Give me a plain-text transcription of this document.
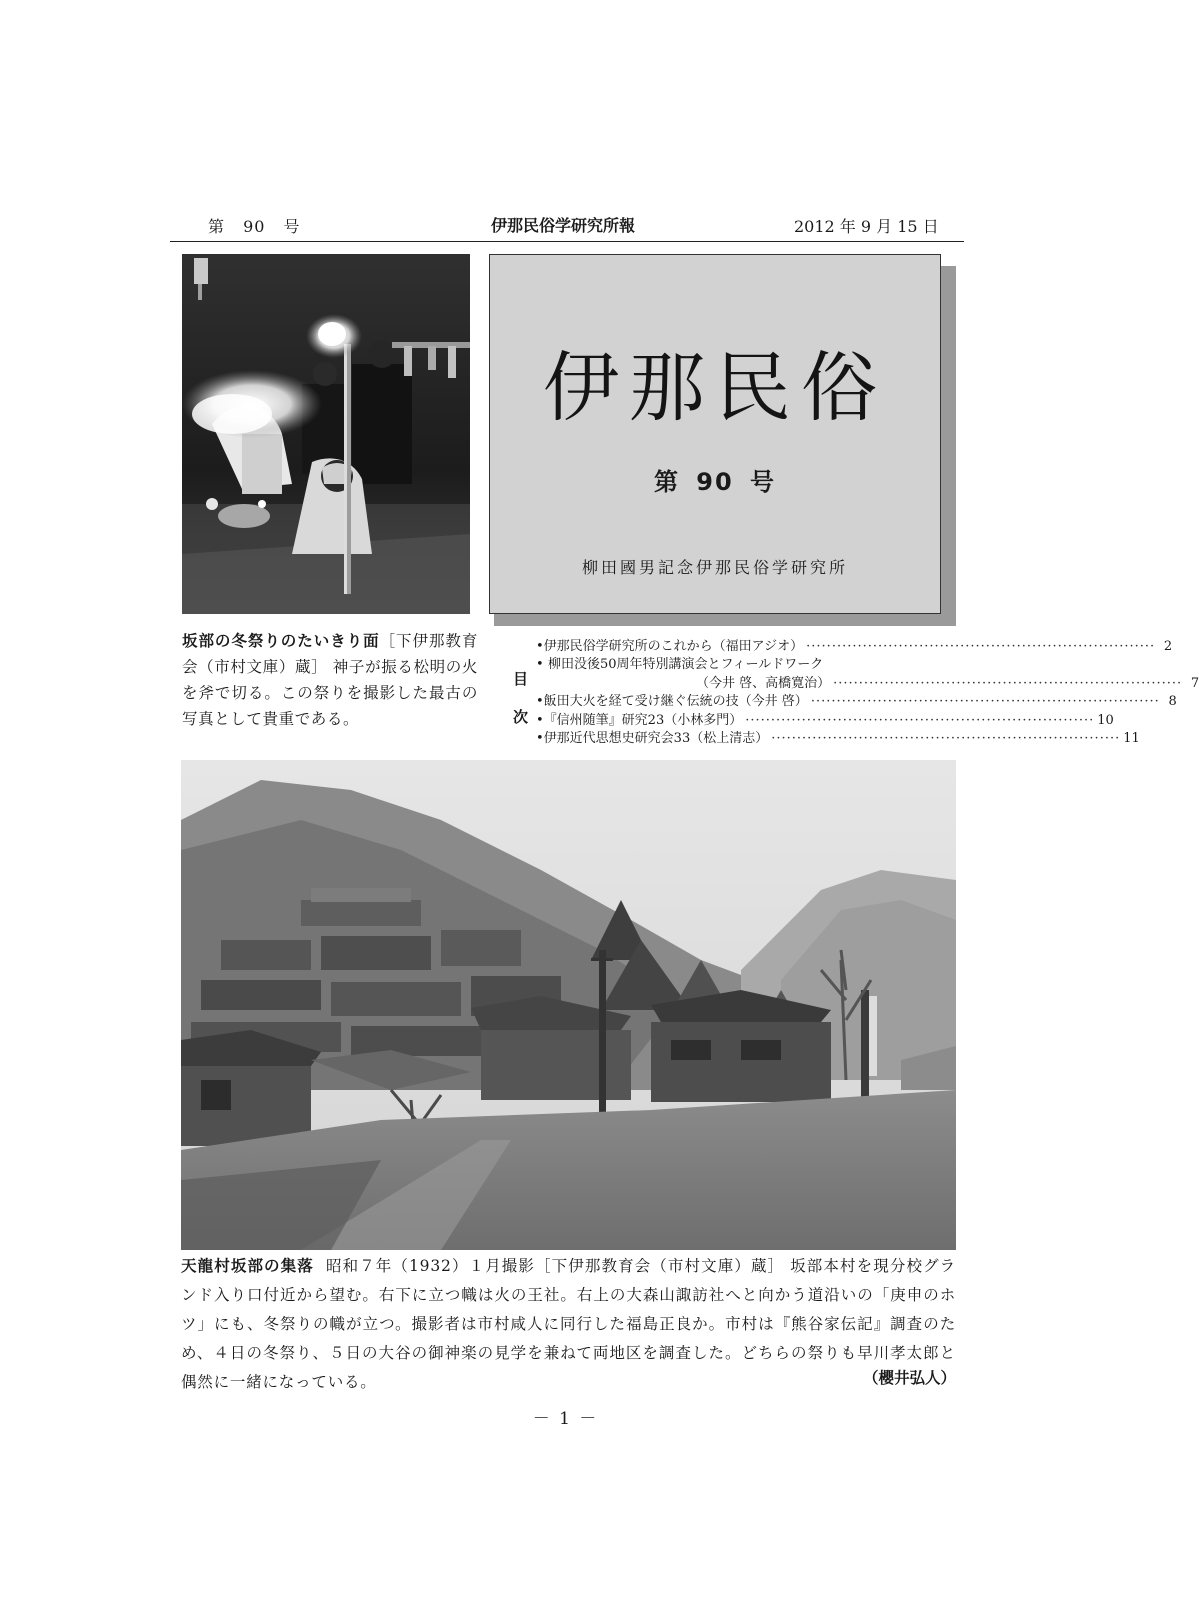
第 90 号	伊那民俗学研究所報	2012 年 9 月 15 日
伊那民俗
第 90 号
柳田國男記念伊那民俗学研究所
坂部の冬祭りのたいきり面［下伊那教育会（市村文庫）蔵］ 神子が振る松明の火を斧で切る。この祭りを撮影した最古の写真として貴重である。
目
次
• 伊那民俗学研究所のこれから（福田アジオ） ···································································· 2
• 柳田没後50周年特別講演会とフィールドワーク
（今井 啓、高橋寛治） ···································································· 7
• 飯田大火を経て受け継ぐ伝統の技（今井 啓） ···································································· 8
• 『信州随筆』研究23（小林多門） ···································································· 10
• 伊那近代思想史研究会33（松上清志） ···································································· 11
天龍村坂部の集落 昭和７年（1932）１月撮影［下伊那教育会（市村文庫）蔵］ 坂部本村を現分校グランド入り口付近から望む。右下に立つ幟は火の王社。右上の大森山諏訪社へと向かう道沿いの「庚申のホツ」にも、冬祭りの幟が立つ。撮影者は市村咸人に同行した福島正良か。市村は『熊谷家伝記』調査のため、４日の冬祭り、５日の大谷の御神楽の見学を兼ねて両地区を調査した。どちらの祭りも早川孝太郎と偶然に一緒になっている。	（櫻井弘人）
－ 1 －
